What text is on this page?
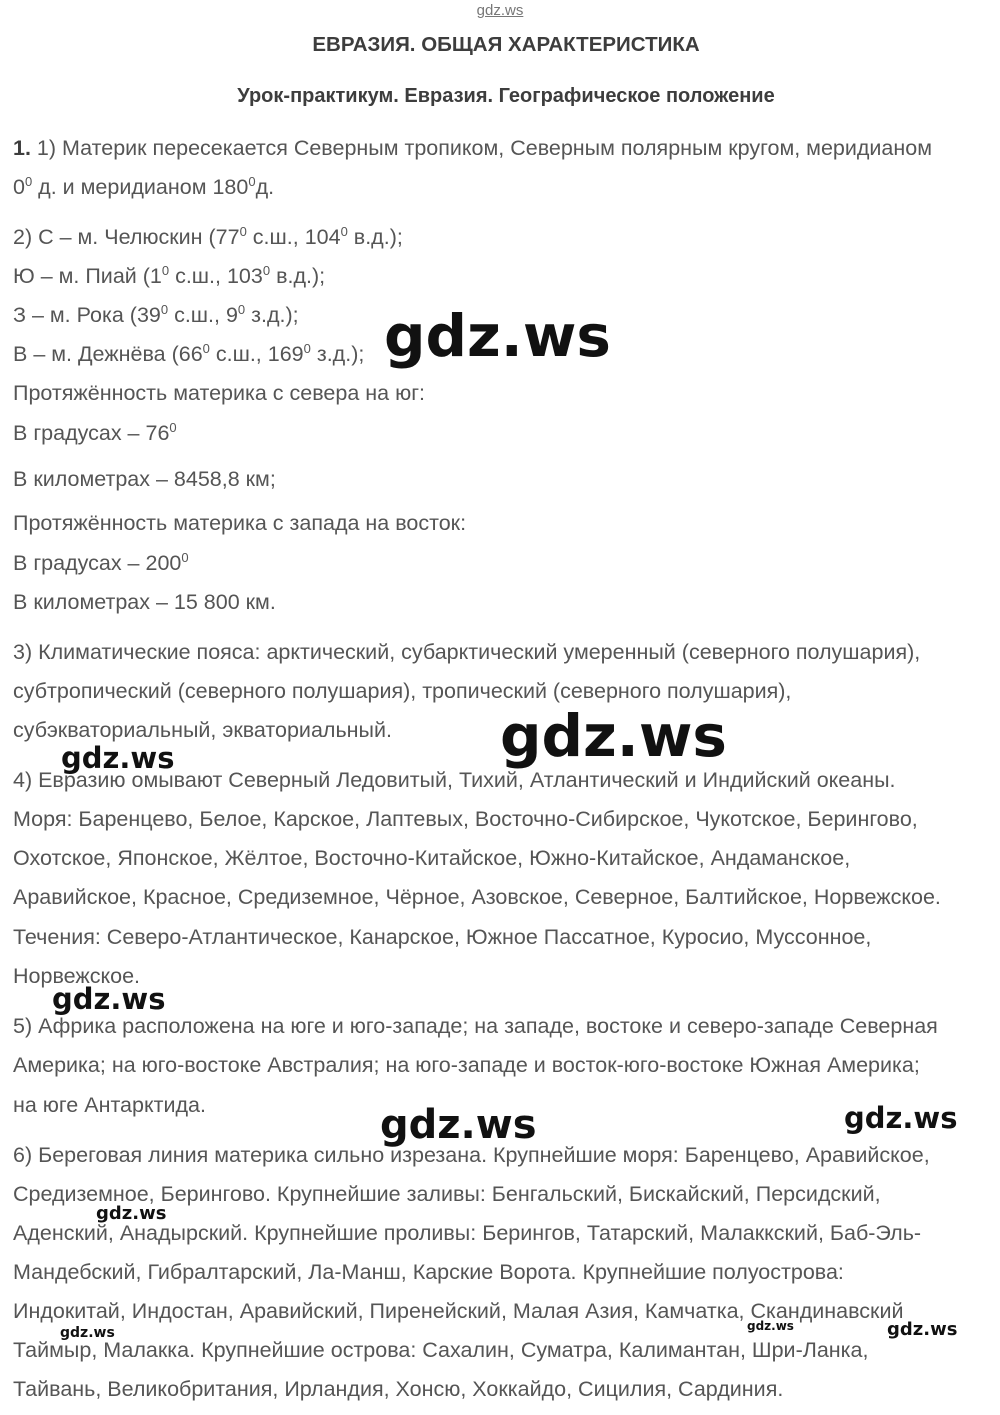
gdz.ws
ЕВРАЗИЯ. ОБЩАЯ ХАРАКТЕРИСТИКА
Урок-практикум. Евразия. Географическое положение
1. 1) Материк пересекается Северным тропиком, Северным полярным кругом, меридианом
$0^0$ д. и меридианом $180^0д$.
2) С – м. Челюскин ($77^0$ с.ш., $104^0$ в.д.);
Ю – м. Пиай ($1^0$ с.ш., $103^0$ в.д.);
З – м. Рока ($39^0$ с.ш., $9^0$ з.д.);
В – м. Дежнёва ($66^0$ с.ш., $169^0$ з.д.);
Протяжённость материка с севера на юг:
В градусах – $76^0$
В километрах – 8458,8 км;
Протяжённость материка с запада на восток:
В градусах – $200^0$
В километрах – 15 800 км.
3) Климатические пояса: арктический, субарктический умеренный (северного полушария),
субтропический (северного полушария), тропический (северного полушария),
субэкваториальный, экваториальный.
4) Евразию омывают Северный Ледовитый, Тихий, Атлантический и Индийский океаны.
Моря: Баренцево, Белое, Карское, Лаптевых, Восточно-Сибирское, Чукотское, Берингово,
Охотское, Японское, Жёлтое, Восточно-Китайское, Южно-Китайское, Андаманское,
Аравийское, Красное, Средиземное, Чёрное, Азовское, Северное, Балтийское, Норвежское.
Течения: Северо-Атлантическое, Канарское, Южное Пассатное, Куросио, Муссонное,
Норвежское.
5) Африка расположена на юге и юго-западе; на западе, востоке и северо-западе Северная
Америка; на юго-востоке Австралия; на юго-западе и восток-юго-востоке Южная Америка;
на юге Антарктида.
6) Береговая линия материка сильно изрезана. Крупнейшие моря: Баренцево, Аравийское,
Средиземное, Берингово. Крупнейшие заливы: Бенгальский, Бискайский, Персидский,
Аденский, Анадырский. Крупнейшие проливы: Берингов, Татарский, Малаккский, Баб-Эль-
Мандебский, Гибралтарский, Ла-Манш, Карские Ворота. Крупнейшие полуострова:
Индокитай, Индостан, Аравийский, Пиренейский, Малая Азия, Камчатка, Скандинавский
Таймыр, Малакка. Крупнейшие острова: Сахалин, Суматра, Калимантан, Шри-Ланка,
Тайвань, Великобритания, Ирландия, Хонсю, Хоккайдо, Сицилия, Сардиния.
gdz.ws
gdz.ws
gdz.ws
gdz.ws
gdz.ws
gdz.ws
gdz.ws
gdz.ws
gdz.ws	gdz.ws
